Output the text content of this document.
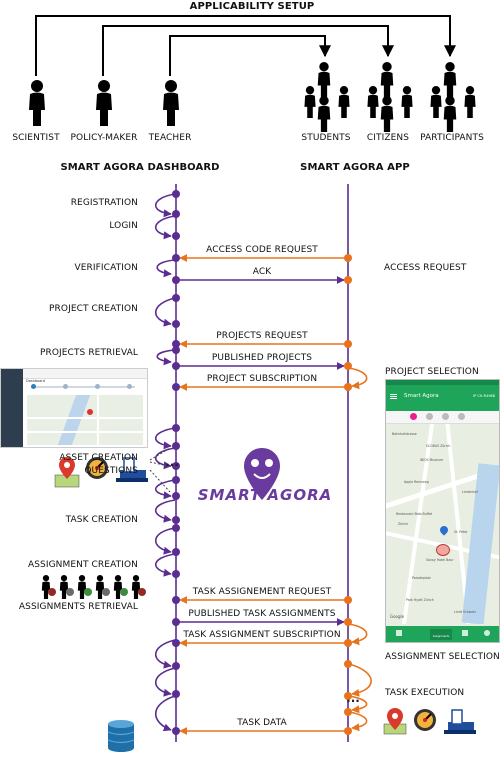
...
...
SMART AGORA
APPLICABILITY SETUP
SCIENTIST	POLICY-MAKER	TEACHER	STUDENTS	CITIZENS	PARTICIPANTS
SMART AGORA DASHBOARD	SMART AGORA APP
REGISTRATION
LOGIN
VERIFICATION
PROJECT CREATION
PROJECTS RETRIEVAL
ASSET CREATION
QUESTIONS
TASK CREATION
ASSIGNMENT CREATION
ASSIGNMENTS RETRIEVAL
ACCESS CODE REQUEST
ACK
PROJECTS REQUEST
PUBLISHED PROJECTS
PROJECT SUBSCRIPTION
TASK ASSIGNEMENT REQUEST
PUBLISHED TASK ASSIGNMENTS
TASK ASSIGNMENT SUBSCRIPTION
TASK DATA
ACCESS REQUEST
PROJECT SELECTION
ASSIGNMENT SELECTION
TASK EXECUTION
Dashboard
Smart Agora	IP CH-R4968
Bahnhofstrasse
GLOBUS Zürich
IBIOS Museum
Apple Rennweg
Lindenhof
Restaurant Blob Buffet
Zürich
St. Peter
Savoy Hotel Baur
Paradeplatz
Park Hyatt Zürich
Lindt Schweiz
Google
Assignments
